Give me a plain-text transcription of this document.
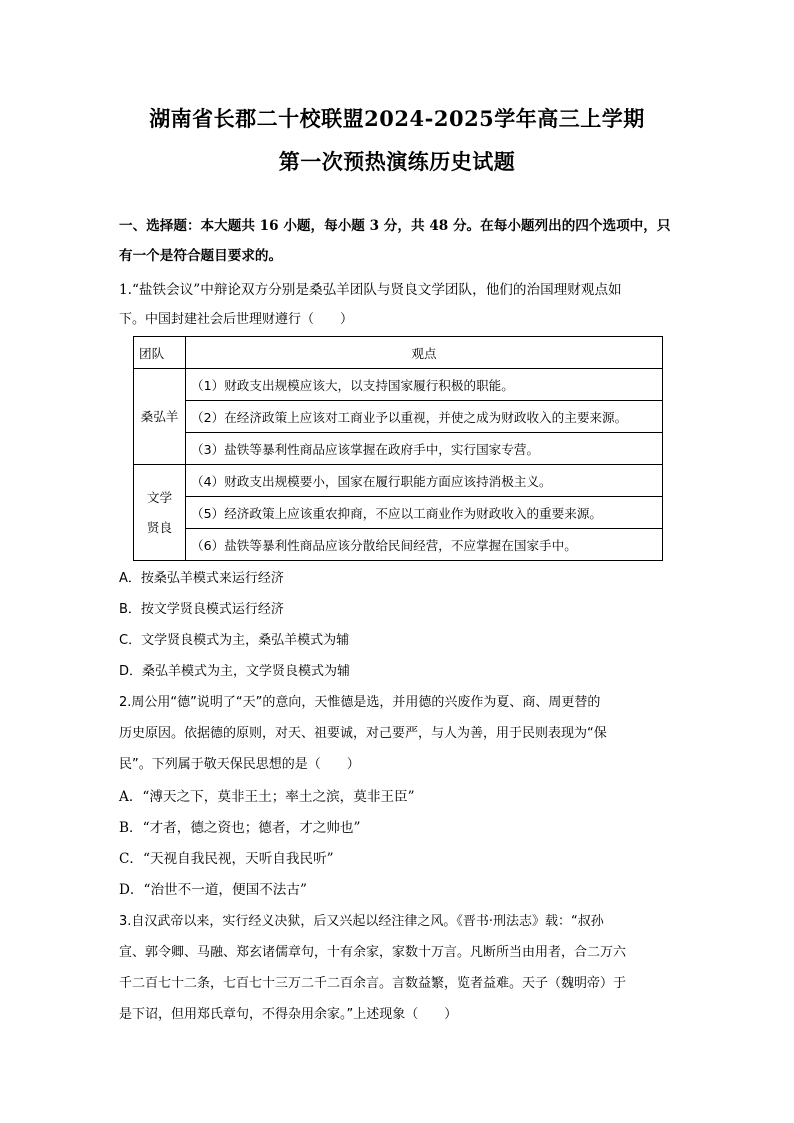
湖南省长郡二十校联盟2024-2025学年高三上学期
第一次预热演练历史试题
一、选择题：本大题共 16 小题，每小题 3 分，共 48 分。在每小题列出的四个选项中，只
有一个是符合题目要求的。
1.“盐铁会议”中辩论双方分别是桑弘羊团队与贤良文学团队，他们的治国理财观点如
下。中国封建社会后世理财遵行（　　）
团队	观点
桑弘羊	（1）财政支出规模应该大，以支持国家履行积极的职能。
	（2）在经济政策上应该对工商业予以重视，并使之成为财政收入的主要来源。
	（3）盐铁等暴利性商品应该掌握在政府手中，实行国家专营。
文学贤良	（4）财政支出规模要小，国家在履行职能方面应该持消极主义。
	（5）经济政策上应该重农抑商，不应以工商业作为财政收入的重要来源。
	（6）盐铁等暴利性商品应该分散给民间经营，不应掌握在国家手中。
A．按桑弘羊模式来运行经济
B．按文学贤良模式运行经济
C．文学贤良模式为主，桑弘羊模式为辅
D．桑弘羊模式为主，文学贤良模式为辅
2.周公用“德”说明了“天”的意向，天惟德是选，并用德的兴废作为夏、商、周更替的
历史原因。依据德的原则，对天、祖要诚，对己要严，与人为善，用于民则表现为“保
民”。下列属于敬天保民思想的是（　　）
A．“溥天之下，莫非王土；率土之滨，莫非王臣”
B．“才者，德之资也；德者，才之帅也”
C．“天视自我民视，天听自我民听”
D．“治世不一道，便国不法古”
3.自汉武帝以来，实行经义决狱，后又兴起以经注律之风。《晋书·刑法志》载：“叔孙
宣、郭令卿、马融、郑玄诸儒章句，十有余家，家数十万言。凡断所当由用者，合二万六
千二百七十二条，七百七十三万二千二百余言。言数益繁，览者益难。天子（魏明帝）于
是下诏，但用郑氏章句，不得杂用余家。”上述现象（　　）
